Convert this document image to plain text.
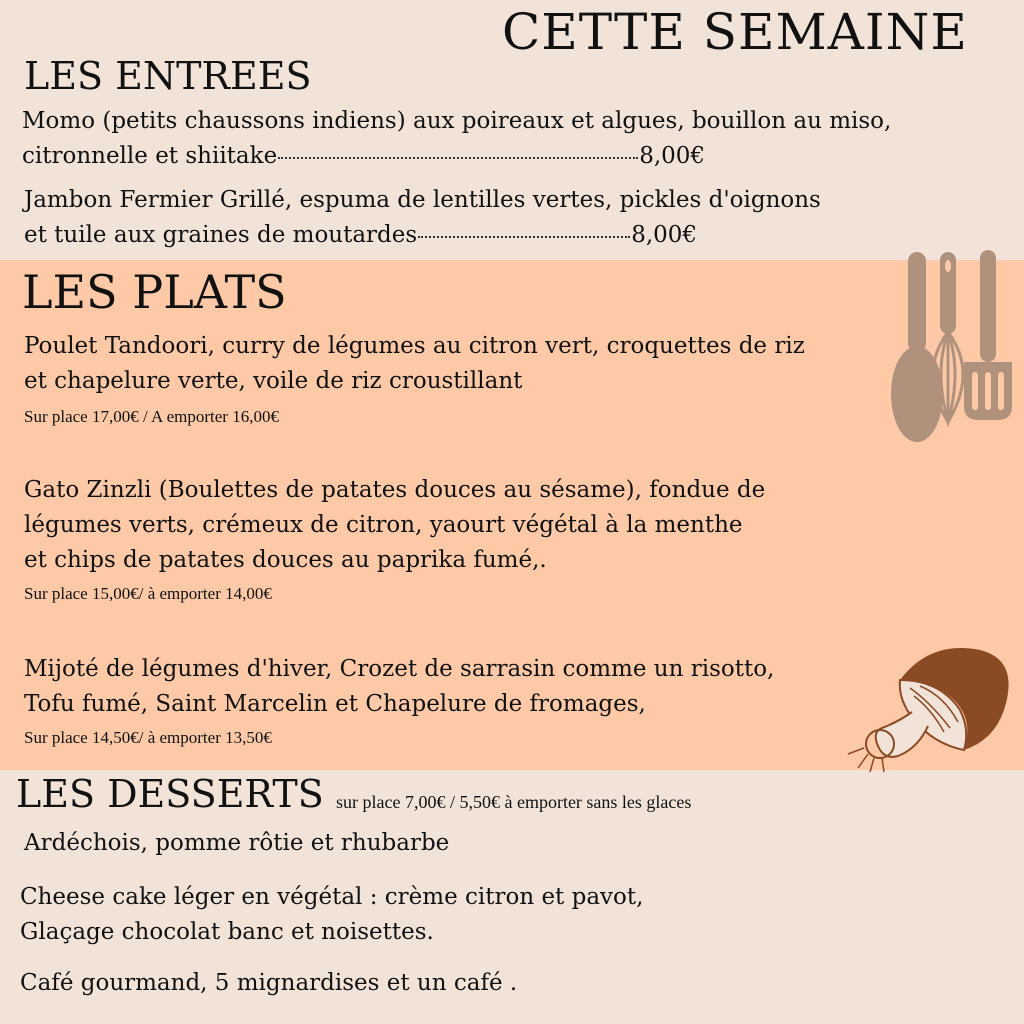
CETTE SEMAINE
LES ENTREES
Momo (petits chaussons indiens) aux poireaux et algues, bouillon au miso,
citronnelle et shiitake	8,00€
Jambon Fermier Grillé, espuma de lentilles vertes, pickles d'oignons
et tuile aux graines de moutardes	8,00€
LES PLATS
Poulet Tandoori, curry de légumes au citron vert, croquettes de riz
et chapelure verte, voile de riz croustillant
Sur place 17,00€ / A emporter 16,00€
Gato Zinzli (Boulettes de patates douces au sésame), fondue de
légumes verts, crémeux de citron, yaourt végétal à la menthe
et chips de patates douces au paprika fumé,.
Sur place 15,00€/ à emporter 14,00€
Mijoté de légumes d'hiver, Crozet de sarrasin comme un risotto,
Tofu fumé, Saint Marcelin et Chapelure de fromages,
Sur place 14,50€/ à emporter 13,50€
LES DESSERTS sur place 7,00€ / 5,50€ à emporter sans les glaces
Ardéchois, pomme rôtie et rhubarbe
Cheese cake léger en végétal : crème citron et pavot,
Glaçage chocolat banc et noisettes.
Café gourmand, 5 mignardises et un café .
